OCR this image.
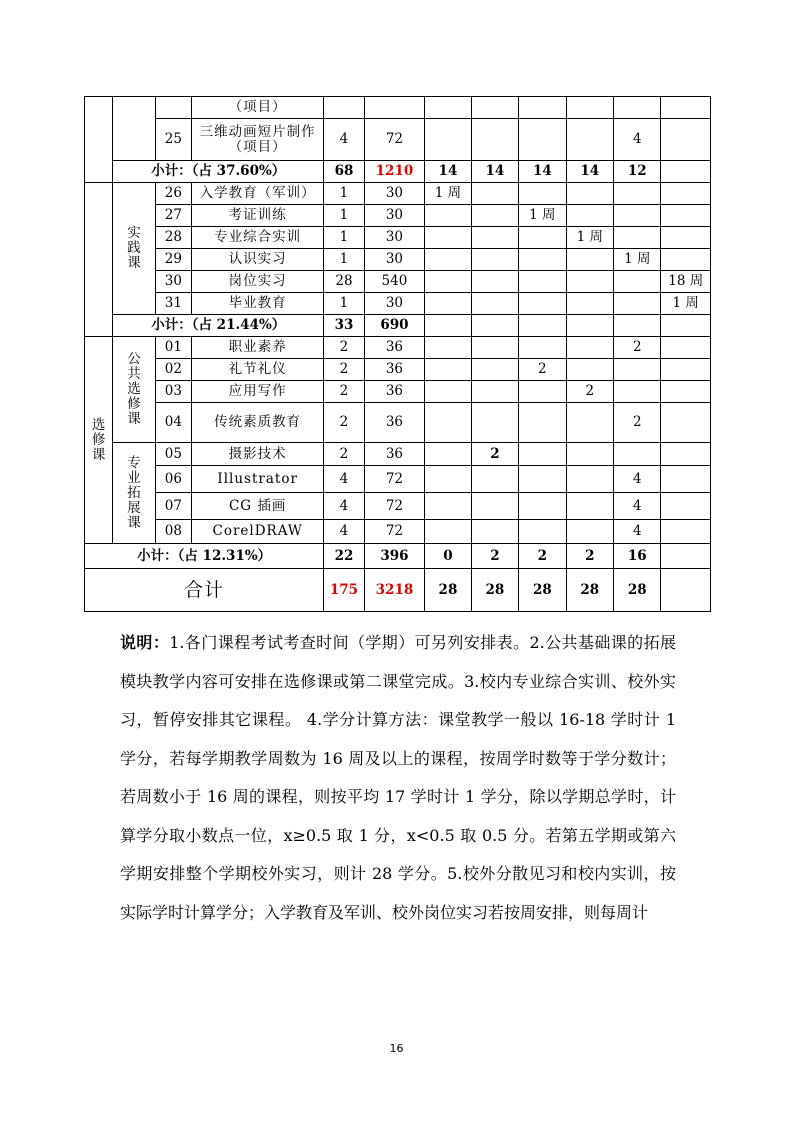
			（项目）								
		25	三维动画短片制作（项目）	4	72					4	
	小计：（占 37.60%）			68	1210	14	14	14	14	12	
	实践课	26	入学教育（军训）	1	30	1 周					
		27	考证训练	1	30			1 周			
		28	专业综合实训	1	30				1 周		
		29	认识实习	1	30					1 周	
		30	岗位实习	28	540						18 周
		31	毕业教育	1	30						1 周
	小计：（占 21.44%）			33	690						
选修课	公共选修课	01	职业素养	2	36					2	
		02	礼节礼仪	2	36			2			
		03	应用写作	2	36				2		
		04	传统素质教育	2	36					2	
	专业拓展课	05	摄影技术	2	36		2				
		06	Illustrator	4	72					4	
		07	CG 插画	4	72					4	
		08	CorelDRAW	4	72					4	
小计：（占 12.31%）				22	396	0	2	2	2	16	
合计				175	3218	28	28	28	28	28	

说明：1.各门课程考试考查时间（学期）可另列安排表。2.公共基础课的拓展模块教学内容可安排在选修课或第二课堂完成。3.校内专业综合实训、校外实习，暂停安排其它课程。 4.学分计算方法：课堂教学一般以 16-18 学时计 1 学分，若每学期教学周数为 16 周及以上的课程，按周学时数等于学分数计；若周数小于 16 周的课程，则按平均 17 学时计 1 学分，除以学期总学时，计算学分取小数点一位，x≥0.5 取 1 分，x<0.5 取 0.5 分。若第五学期或第六学期安排整个学期校外实习，则计 28 学分。5.校外分散见习和校内实训，按实际学时计算学分；入学教育及军训、校外岗位实习若按周安排，则每周计

16
